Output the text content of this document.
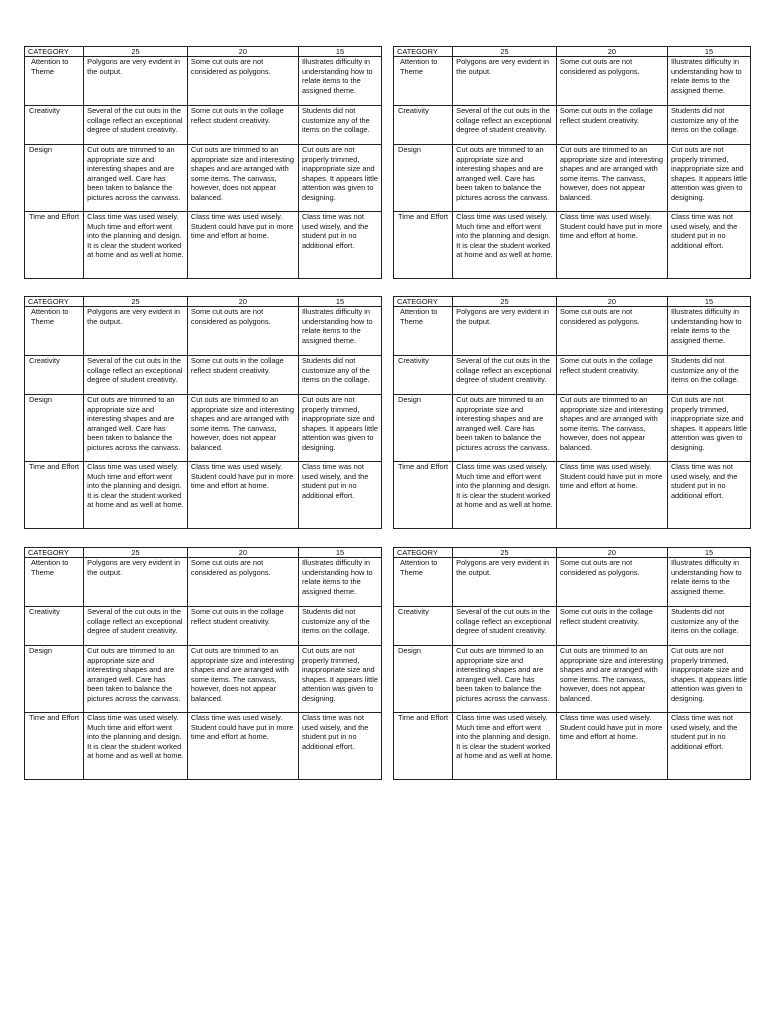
CATEGORY	25	20	15
Attention to Theme	Polygons are very evident in the output.	Some cut outs are not considered as polygons.	Illustrates difficulty in understanding how to relate items to the assigned theme.
Creativity	Several of the cut outs in the collage reflect an exceptional degree of student creativity.	Some cut outs in the collage reflect student creativity.	Students did not customize any of the items on the collage.
Design	Cut outs are trimmed to an appropriate size and interesting shapes and are arranged well. Care has been taken to balance the pictures across the canvass.	Cut outs are trimmed to an appropriate size and interesting shapes and are arranged with some items. The canvass, however, does not appear balanced.	Cut outs are not properly trimmed, inappropriate size and shapes. It appears little attention was given to designing.
Time and Effort	Class time was used wisely. Much time and effort went into the planning and design. It is clear the student worked at home and as well at home.	Class time was used wisely. Student could have put in more time and effort at home.	Class time was not used wisely, and the student put in no additional effort.
CATEGORY	25	20	15
Attention to Theme	Polygons are very evident in the output.	Some cut outs are not considered as polygons.	Illustrates difficulty in understanding how to relate items to the assigned theme.
Creativity	Several of the cut outs in the collage reflect an exceptional degree of student creativity.	Some cut outs in the collage reflect student creativity.	Students did not customize any of the items on the collage.
Design	Cut outs are trimmed to an appropriate size and interesting shapes and are arranged well. Care has been taken to balance the pictures across the canvass.	Cut outs are trimmed to an appropriate size and interesting shapes and are arranged with some items. The canvass, however, does not appear balanced.	Cut outs are not properly trimmed, inappropriate size and shapes. It appears little attention was given to designing.
Time and Effort	Class time was used wisely. Much time and effort went into the planning and design. It is clear the student worked at home and as well at home.	Class time was used wisely. Student could have put in more time and effort at home.	Class time was not used wisely, and the student put in no additional effort.
CATEGORY	25	20	15
Attention to Theme	Polygons are very evident in the output.	Some cut outs are not considered as polygons.	Illustrates difficulty in understanding how to relate items to the assigned theme.
Creativity	Several of the cut outs in the collage reflect an exceptional degree of student creativity.	Some cut outs in the collage reflect student creativity.	Students did not customize any of the items on the collage.
Design	Cut outs are trimmed to an appropriate size and interesting shapes and are arranged well. Care has been taken to balance the pictures across the canvass.	Cut outs are trimmed to an appropriate size and interesting shapes and are arranged with some items. The canvass, however, does not appear balanced.	Cut outs are not properly trimmed, inappropriate size and shapes. It appears little attention was given to designing.
Time and Effort	Class time was used wisely. Much time and effort went into the planning and design. It is clear the student worked at home and as well at home.	Class time was used wisely. Student could have put in more time and effort at home.	Class time was not used wisely, and the student put in no additional effort.
CATEGORY	25	20	15
Attention to Theme	Polygons are very evident in the output.	Some cut outs are not considered as polygons.	Illustrates difficulty in understanding how to relate items to the assigned theme.
Creativity	Several of the cut outs in the collage reflect an exceptional degree of student creativity.	Some cut outs in the collage reflect student creativity.	Students did not customize any of the items on the collage.
Design	Cut outs are trimmed to an appropriate size and interesting shapes and are arranged well. Care has been taken to balance the pictures across the canvass.	Cut outs are trimmed to an appropriate size and interesting shapes and are arranged with some items. The canvass, however, does not appear balanced.	Cut outs are not properly trimmed, inappropriate size and shapes. It appears little attention was given to designing.
Time and Effort	Class time was used wisely. Much time and effort went into the planning and design. It is clear the student worked at home and as well at home.	Class time was used wisely. Student could have put in more time and effort at home.	Class time was not used wisely, and the student put in no additional effort.
CATEGORY	25	20	15
Attention to Theme	Polygons are very evident in the output.	Some cut outs are not considered as polygons.	Illustrates difficulty in understanding how to relate items to the assigned theme.
Creativity	Several of the cut outs in the collage reflect an exceptional degree of student creativity.	Some cut outs in the collage reflect student creativity.	Students did not customize any of the items on the collage.
Design	Cut outs are trimmed to an appropriate size and interesting shapes and are arranged well. Care has been taken to balance the pictures across the canvass.	Cut outs are trimmed to an appropriate size and interesting shapes and are arranged with some items. The canvass, however, does not appear balanced.	Cut outs are not properly trimmed, inappropriate size and shapes. It appears little attention was given to designing.
Time and Effort	Class time was used wisely. Much time and effort went into the planning and design. It is clear the student worked at home and as well at home.	Class time was used wisely. Student could have put in more time and effort at home.	Class time was not used wisely, and the student put in no additional effort.
CATEGORY	25	20	15
Attention to Theme	Polygons are very evident in the output.	Some cut outs are not considered as polygons.	Illustrates difficulty in understanding how to relate items to the assigned theme.
Creativity	Several of the cut outs in the collage reflect an exceptional degree of student creativity.	Some cut outs in the collage reflect student creativity.	Students did not customize any of the items on the collage.
Design	Cut outs are trimmed to an appropriate size and interesting shapes and are arranged well. Care has been taken to balance the pictures across the canvass.	Cut outs are trimmed to an appropriate size and interesting shapes and are arranged with some items. The canvass, however, does not appear balanced.	Cut outs are not properly trimmed, inappropriate size and shapes. It appears little attention was given to designing.
Time and Effort	Class time was used wisely. Much time and effort went into the planning and design. It is clear the student worked at home and as well at home.	Class time was used wisely. Student could have put in more time and effort at home.	Class time was not used wisely, and the student put in no additional effort.
